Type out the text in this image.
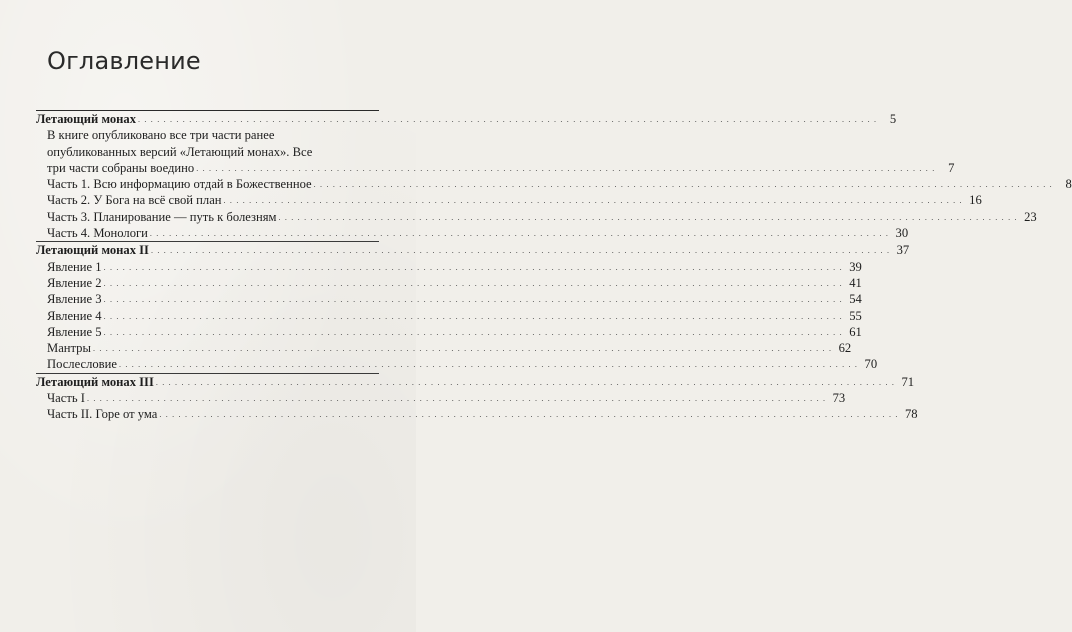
Оглавление
Летающий монах . . .	5
В книге опубликовано все три части ранее
опубликованных версий «Летающий монах». Все
три части собраны воедино . . .	7
Часть 1. Всю информацию отдай в Божественное . . .	8
Часть 2. У Бога на всё свой план . . .	16
Часть 3. Планирование — путь к болезням . . .	23
Часть 4. Монологи . . .	30
Летающий монах II . . .	37
Явление 1 . . .	39
Явление 2 . . .	41
Явление 3 . . .	54
Явление 4 . . .	55
Явление 5 . . .	61
Мантры . . .	62
Послесловие . . .	70
Летающий монах III . . .	71
Часть I . . .	73
Часть II. Горе от ума . . .	78
